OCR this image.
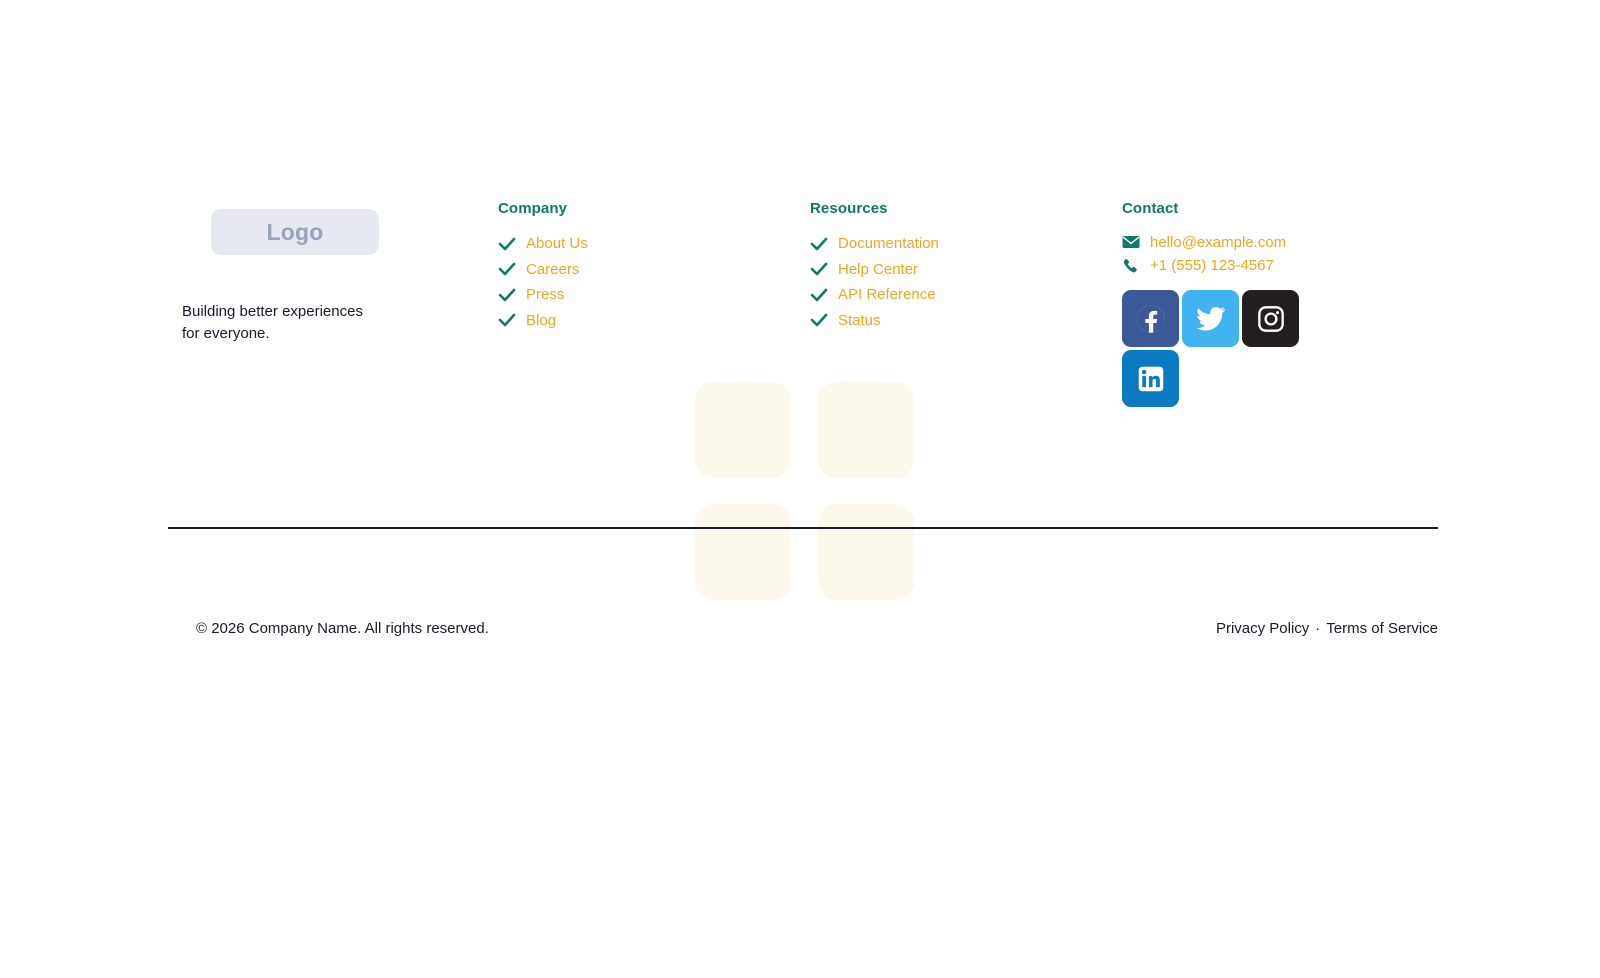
Logo
Building better experiences for everyone.
Company
About Us
Careers
Press
Blog
Resources
Documentation
Help Center
API Reference
Status
Contact
hello@example.com
+1 (555) 123-4567
© 2026 Company Name. All rights reserved.	Privacy Policy · Terms of Service
